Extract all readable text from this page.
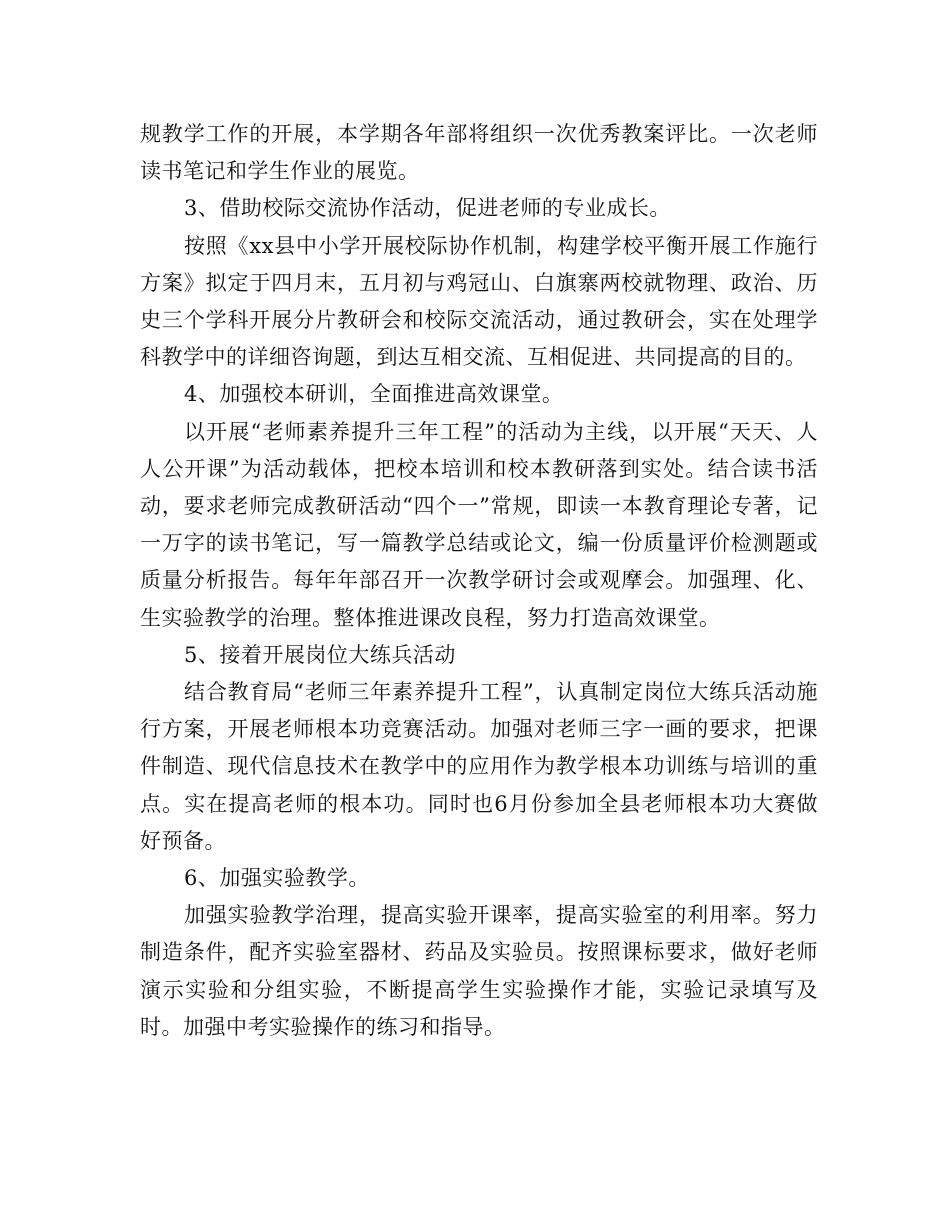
规教学工作的开展，本学期各年部将组织一次优秀教案评比。一次老师读书笔记和学生作业的展览。

3、借助校际交流协作活动，促进老师的专业成长。

按照《xx县中小学开展校际协作机制，构建学校平衡开展工作施行方案》拟定于四月末，五月初与鸡冠山、白旗寨两校就物理、政治、历史三个学科开展分片教研会和校际交流活动，通过教研会，实在处理学科教学中的详细咨询题，到达互相交流、互相促进、共同提高的目的。

4、加强校本研训，全面推进高效课堂。

以开展“老师素养提升三年工程”的活动为主线，以开展“天天、人人公开课”为活动载体，把校本培训和校本教研落到实处。结合读书活动，要求老师完成教研活动“四个一”常规，即读一本教育理论专著，记一万字的读书笔记，写一篇教学总结或论文，编一份质量评价检测题或质量分析报告。每年年部召开一次教学研讨会或观摩会。加强理、化、生实验教学的治理。整体推进课改良程，努力打造高效课堂。

5、接着开展岗位大练兵活动

结合教育局“老师三年素养提升工程”，认真制定岗位大练兵活动施行方案，开展老师根本功竞赛活动。加强对老师三字一画的要求，把课件制造、现代信息技术在教学中的应用作为教学根本功训练与培训的重点。实在提高老师的根本功。同时也6月份参加全县老师根本功大赛做好预备。

6、加强实验教学。

加强实验教学治理，提高实验开课率，提高实验室的利用率。努力制造条件，配齐实验室器材、药品及实验员。按照课标要求，做好老师演示实验和分组实验，不断提高学生实验操作才能，实验记录填写及时。加强中考实验操作的练习和指导。
